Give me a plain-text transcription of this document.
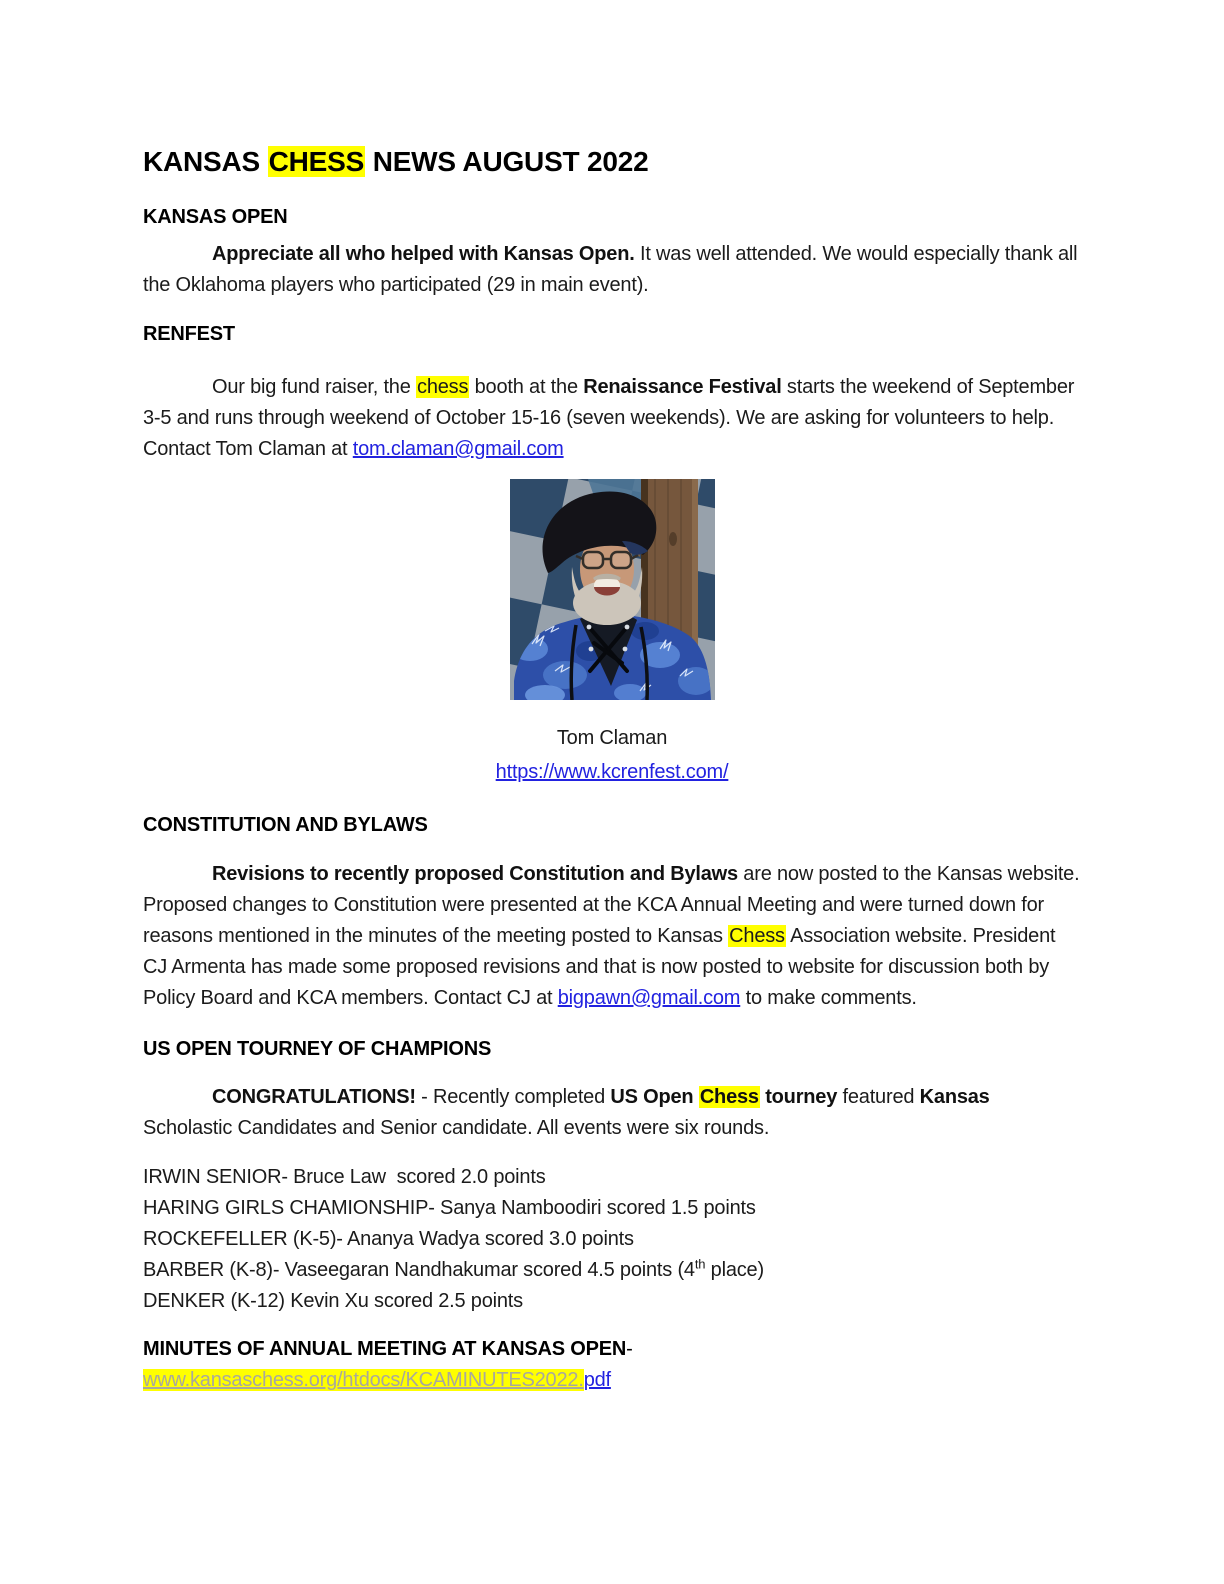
KANSAS CHESS NEWS AUGUST 2022
KANSAS OPEN

Appreciate all who helped with Kansas Open. It was well attended. We would especially thank all the Oklahoma players who participated (29 in main event).

RENFEST

Our big fund raiser, the chess booth at the Renaissance Festival starts the weekend of September 3-5 and runs through weekend of October 15-16 (seven weekends). We are asking for volunteers to help. Contact Tom Claman at tom.claman@gmail.com

Tom Claman
https://www.kcrenfest.com/
CONSTITUTION AND BYLAWS

Revisions to recently proposed Constitution and Bylaws are now posted to the Kansas website. Proposed changes to Constitution were presented at the KCA Annual Meeting and were turned down for reasons mentioned in the minutes of the meeting posted to Kansas Chess Association website. President CJ Armenta has made some proposed revisions and that is now posted to website for discussion both by Policy Board and KCA members. Contact CJ at bigpawn@gmail.com to make comments.

US OPEN TOURNEY OF CHAMPIONS

CONGRATULATIONS! - Recently completed US Open Chess tourney featured Kansas Scholastic Candidates and Senior candidate. All events were six rounds.

IRWIN SENIOR- Bruce Law  scored 2.0 points
HARING GIRLS CHAMIONSHIP- Sanya Namboodiri scored 1.5 points
ROCKEFELLER (K-5)- Ananya Wadya scored 3.0 points
BARBER (K-8)- Vaseegaran Nandhakumar scored 4.5 points (4th place)
DENKER (K-12) Kevin Xu scored 2.5 points
MINUTES OF ANNUAL MEETING AT KANSAS OPEN-
www.kansaschess.org/htdocs/KCAMINUTES2022.pdf
